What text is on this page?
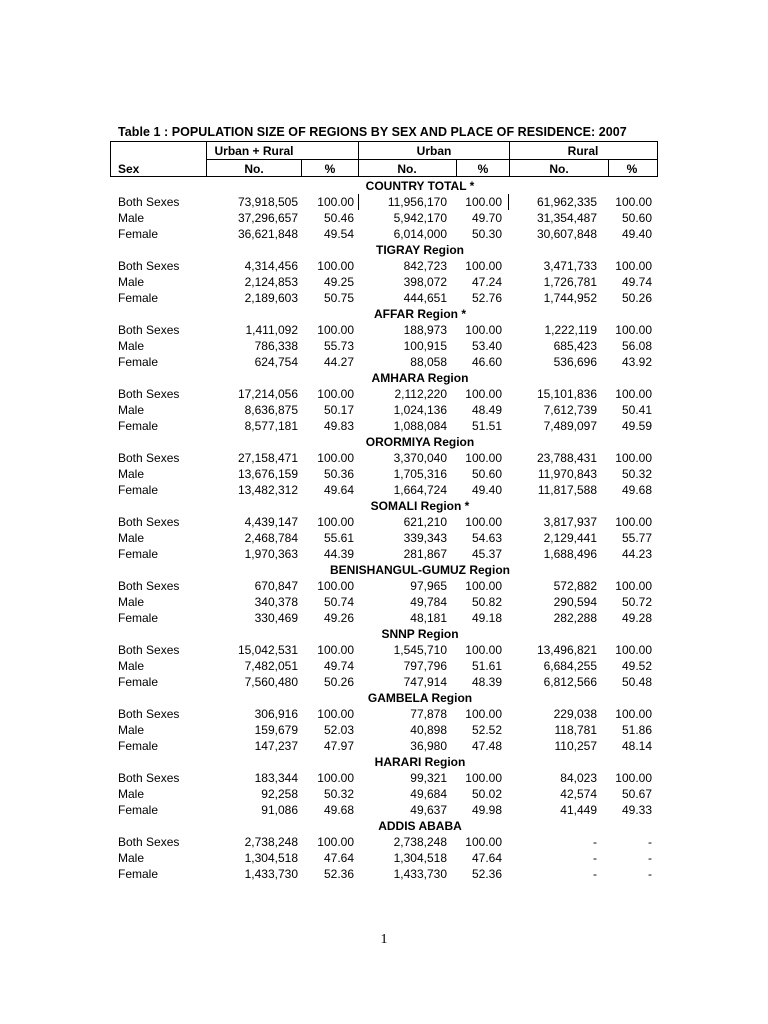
Table 1 : POPULATION SIZE OF REGIONS BY SEX AND PLACE OF RESIDENCE: 2007
Urban + Rural	Urban	Rural
Sex	No.	%	No.	%	No.	%
COUNTRY TOTAL *
Both Sexes	73,918,505 100.00	11,956,170 100.00	61,962,335 100.00
Male	37,296,657 50.46	5,942,170 49.70	31,354,487 50.60
Female	36,621,848 49.54	6,014,000 50.30	30,607,848 49.40
TIGRAY Region
Both Sexes	4,314,456 100.00	842,723 100.00	3,471,733 100.00
Male	2,124,853 49.25	398,072 47.24	1,726,781 49.74
Female	2,189,603 50.75	444,651 52.76	1,744,952 50.26
AFFAR Region *
Both Sexes	1,411,092 100.00	188,973 100.00	1,222,119 100.00
Male	786,338 55.73	100,915 53.40	685,423 56.08
Female	624,754 44.27	88,058 46.60	536,696 43.92
AMHARA Region
Both Sexes	17,214,056 100.00	2,112,220 100.00	15,101,836 100.00
Male	8,636,875 50.17	1,024,136 48.49	7,612,739 50.41
Female	8,577,181 49.83	1,088,084 51.51	7,489,097 49.59
ORORMIYA Region
Both Sexes	27,158,471 100.00	3,370,040 100.00	23,788,431 100.00
Male	13,676,159 50.36	1,705,316 50.60	11,970,843 50.32
Female	13,482,312 49.64	1,664,724 49.40	11,817,588 49.68
SOMALI Region *
Both Sexes	4,439,147 100.00	621,210 100.00	3,817,937 100.00
Male	2,468,784 55.61	339,343 54.63	2,129,441 55.77
Female	1,970,363 44.39	281,867 45.37	1,688,496 44.23
BENISHANGUL-GUMUZ Region
Both Sexes	670,847 100.00	97,965 100.00	572,882 100.00
Male	340,378 50.74	49,784 50.82	290,594 50.72
Female	330,469 49.26	48,181 49.18	282,288 49.28
SNNP Region
Both Sexes	15,042,531 100.00	1,545,710 100.00	13,496,821 100.00
Male	7,482,051 49.74	797,796 51.61	6,684,255 49.52
Female	7,560,480 50.26	747,914 48.39	6,812,566 50.48
GAMBELA Region
Both Sexes	306,916 100.00	77,878 100.00	229,038 100.00
Male	159,679 52.03	40,898 52.52	118,781 51.86
Female	147,237 47.97	36,980 47.48	110,257 48.14
HARARI Region
Both Sexes	183,344 100.00	99,321 100.00	84,023 100.00
Male	92,258 50.32	49,684 50.02	42,574 50.67
Female	91,086 49.68	49,637 49.98	41,449 49.33
ADDIS ABABA
Both Sexes	2,738,248 100.00	2,738,248 100.00	-	-
Male	1,304,518 47.64	1,304,518 47.64	-	-
Female	1,433,730 52.36	1,433,730 52.36	-	-
1
